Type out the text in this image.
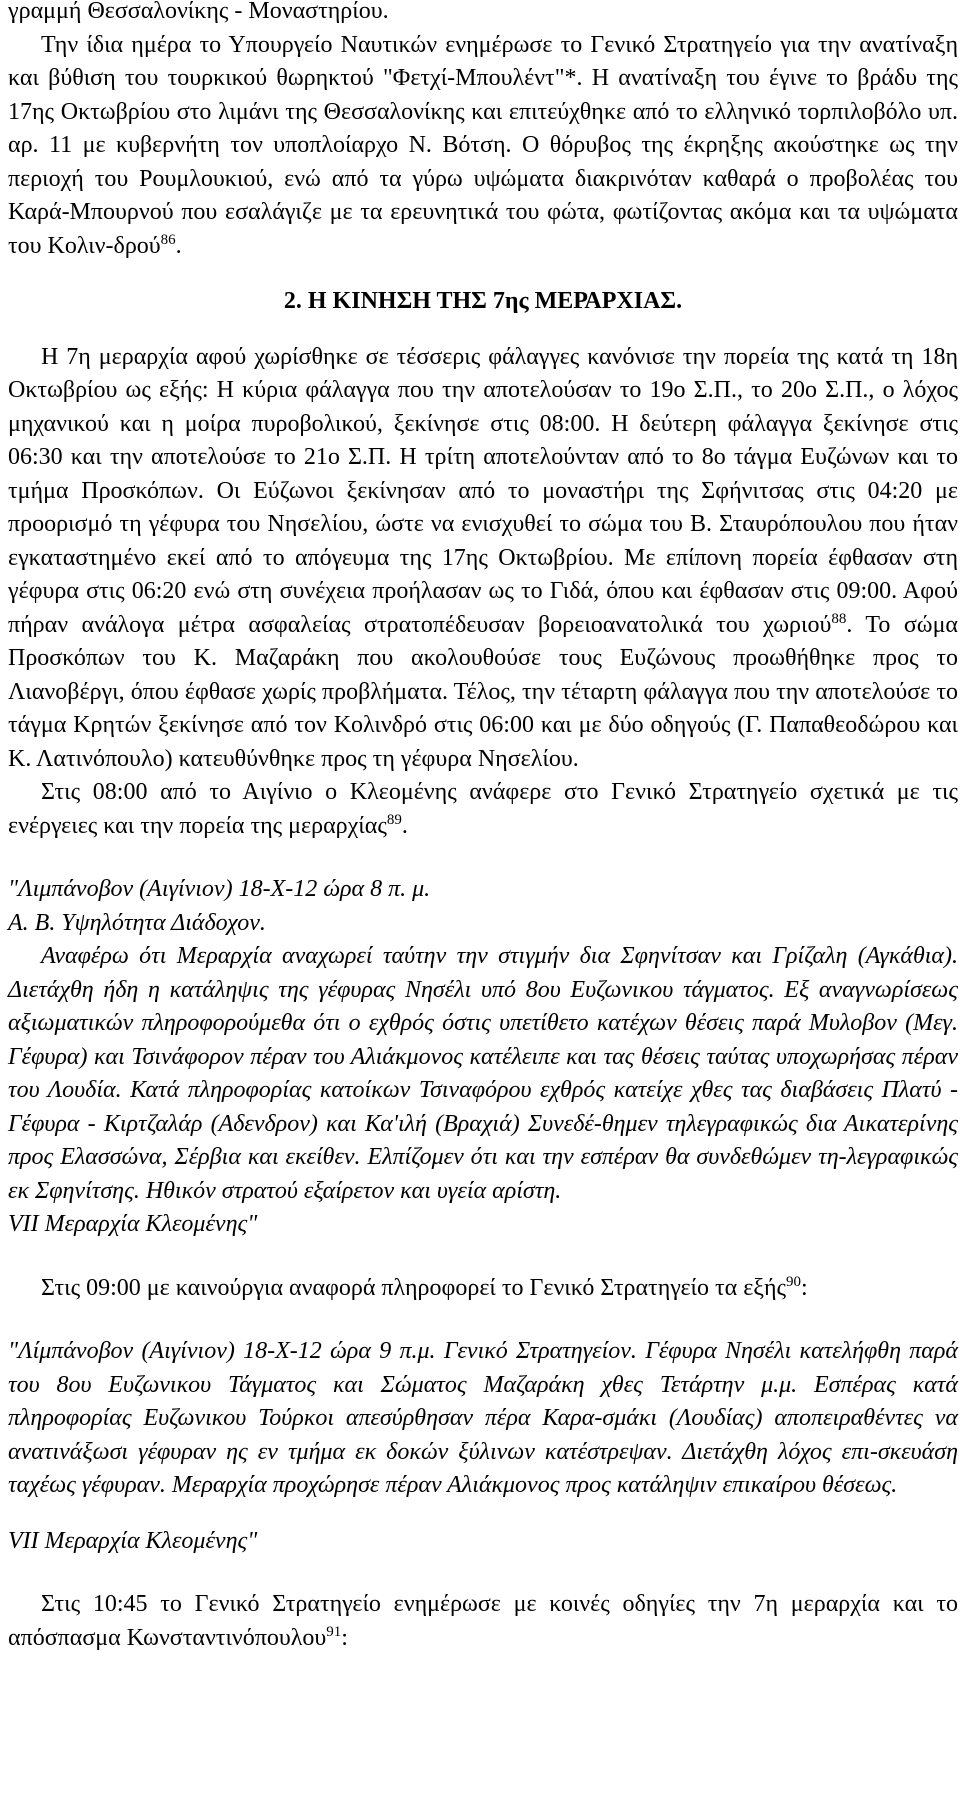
γραμμή Θεσσαλονίκης - Μοναστηρίου.

Την ίδια ημέρα το Υπουργείο Ναυτικών ενημέρωσε το Γενικό Στρατηγείο για την ανατίναξη και βύθιση του τουρκικού θωρηκτού "Φετχί-Μπουλέντ"*. Η ανατίναξη του έγινε το βράδυ της 17ης Οκτωβρίου στο λιμάνι της Θεσσαλονίκης και επιτεύχθηκε από το ελληνικό τορπιλοβόλο υπ. αρ. 11 με κυβερνήτη τον υποπλοίαρχο Ν. Βότση. Ο θόρυβος της έκρηξης ακούστηκε ως την περιοχή του Ρουμλουκιού, ενώ από τα γύρω υψώματα διακρινόταν καθαρά ο προβολέας του Καρά-Μπουρνού που εσαλάγιζε με τα ερευνητικά του φώτα, φωτίζοντας ακόμα και τα υψώματα του Κολιν-δρού$^{86}$.

2. Η ΚΙΝΗΣΗ ΤΗΣ 7ης ΜΕΡΑΡΧΙΑΣ.

Η 7η μεραρχία αφού χωρίσθηκε σε τέσσερις φάλαγγες κανόνισε την πορεία της κατά τη 18η Οκτωβρίου ως εξής: Η κύρια φάλαγγα που την αποτελούσαν το 19ο Σ.Π., το 20ο Σ.Π., ο λόχος μηχανικού και η μοίρα πυροβολικού, ξεκίνησε στις 08:00. Η δεύτερη φάλαγγα ξεκίνησε στις 06:30 και την αποτελούσε το 21ο Σ.Π. Η τρίτη αποτελούνταν από το 8ο τάγμα Ευζώνων και το τμήμα Προσκόπων. Οι Εύζωνοι ξεκίνησαν από το μοναστήρι της Σφήνιτσας στις 04:20 με προορισμό τη γέφυρα του Νησελίου, ώστε να ενισχυθεί το σώμα του Β. Σταυρόπουλου που ήταν εγκαταστημένο εκεί από το απόγευμα της 17ης Οκτωβρίου. Με επίπονη πορεία έφθασαν στη γέφυρα στις 06:20 ενώ στη συνέχεια προήλασαν ως το Γιδά, όπου και έφθασαν στις 09:00. Αφού πήραν ανάλογα μέτρα ασφαλείας στρατοπέδευσαν βορειοανατολικά του χωριού$^{88}$. Το σώμα Προσκόπων του Κ. Μαζαράκη που ακολουθούσε τους Ευζώνους προωθήθηκε προς το Λιανοβέργι, όπου έφθασε χωρίς προβλήματα. Τέλος, την τέταρτη φάλαγγα που την αποτελούσε το τάγμα Κρητών ξεκίνησε από τον Κολινδρό στις 06:00 και με δύο οδηγούς (Γ. Παπαθεοδώρου και Κ. Λατινόπουλο) κατευθύνθηκε προς τη γέφυρα Νησελίου.

Στις 08:00 από το Αιγίνιο ο Κλεομένης ανάφερε στο Γενικό Στρατηγείο σχετικά με τις ενέργειες και την πορεία της μεραρχίας$^{89}$.

"Λιμπάνοβον (Αιγίνιον) 18-Χ-12 ώρα 8 π. μ.

Α. Β. Υψηλότητα Διάδοχον.

Αναφέρω ότι Μεραρχία αναχωρεί ταύτην την στιγμήν δια Σφηνίτσαν και Γρίζαλη (Αγκάθια). Διετάχθη ήδη η κατάληψις της γέφυρας Νησέλι υπό 8ου Ευζωνικου τάγματος. Εξ αναγνωρίσεως αξιωματικών πληροφορούμεθα ότι ο εχθρός όστις υπετίθετο κατέχων θέσεις παρά Μυλοβον (Μεγ. Γέφυρα) και Τσινάφορον πέραν του Αλιάκμονος κατέλειπε και τας θέσεις ταύτας υποχωρήσας πέραν του Λουδία. Κατά πληροφορίας κατοίκων Τσιναφόρου εχθρός κατείχε χθες τας διαβάσεις Πλατύ - Γέφυρα - Κιρτζαλάρ (Αδενδρον) και Κα'ιλή (Βραχιά) Συνεδέ-θημεν τηλεγραφικώς δια Αικατερίνης προς Ελασσώνα, Σέρβια και εκείθεν. Ελπίζομεν ότι και την εσπέραν θα συνδεθώμεν τη-λεγραφικώς εκ Σφηνίτσης. Ηθικόν στρατού εξαίρετον και υγεία αρίστη.

VII Μεραρχία Κλεομένης"

Στις 09:00 με καινούργια αναφορά πληροφορεί το Γενικό Στρατηγείο τα εξής$^{90}$:

"Λίμπάνοβον (Αιγίνιον) 18-Χ-12 ώρα 9 π.μ. Γενικό Στρατηγείον. Γέφυρα Νησέλι κατελήφθη παρά του 8ου Ευζωνικου Τάγματος και Σώματος Μαζαράκη χθες Τετάρτην μ.μ. Εσπέρας κατά πληροφορίας Ευζωνικου Τούρκοι απεσύρθησαν πέρα Καρα-σμάκι (Λουδίας) αποπειραθέντες να ανατινάξωσι γέφυραν ης εν τμήμα εκ δοκών ξύλινων κατέστρεψαν. Διετάχθη λόχος επι-σκευάση ταχέως γέφυραν. Μεραρχία προχώρησε πέραν Αλιάκμονος προς κατάληψιν επικαίρου θέσεως.

VII Μεραρχία Κλεομένης"

Στις 10:45 το Γενικό Στρατηγείο ενημέρωσε με κοινές οδηγίες την 7η μεραρχία και το απόσπασμα Κωνσταντινόπουλου$^{91}$:
